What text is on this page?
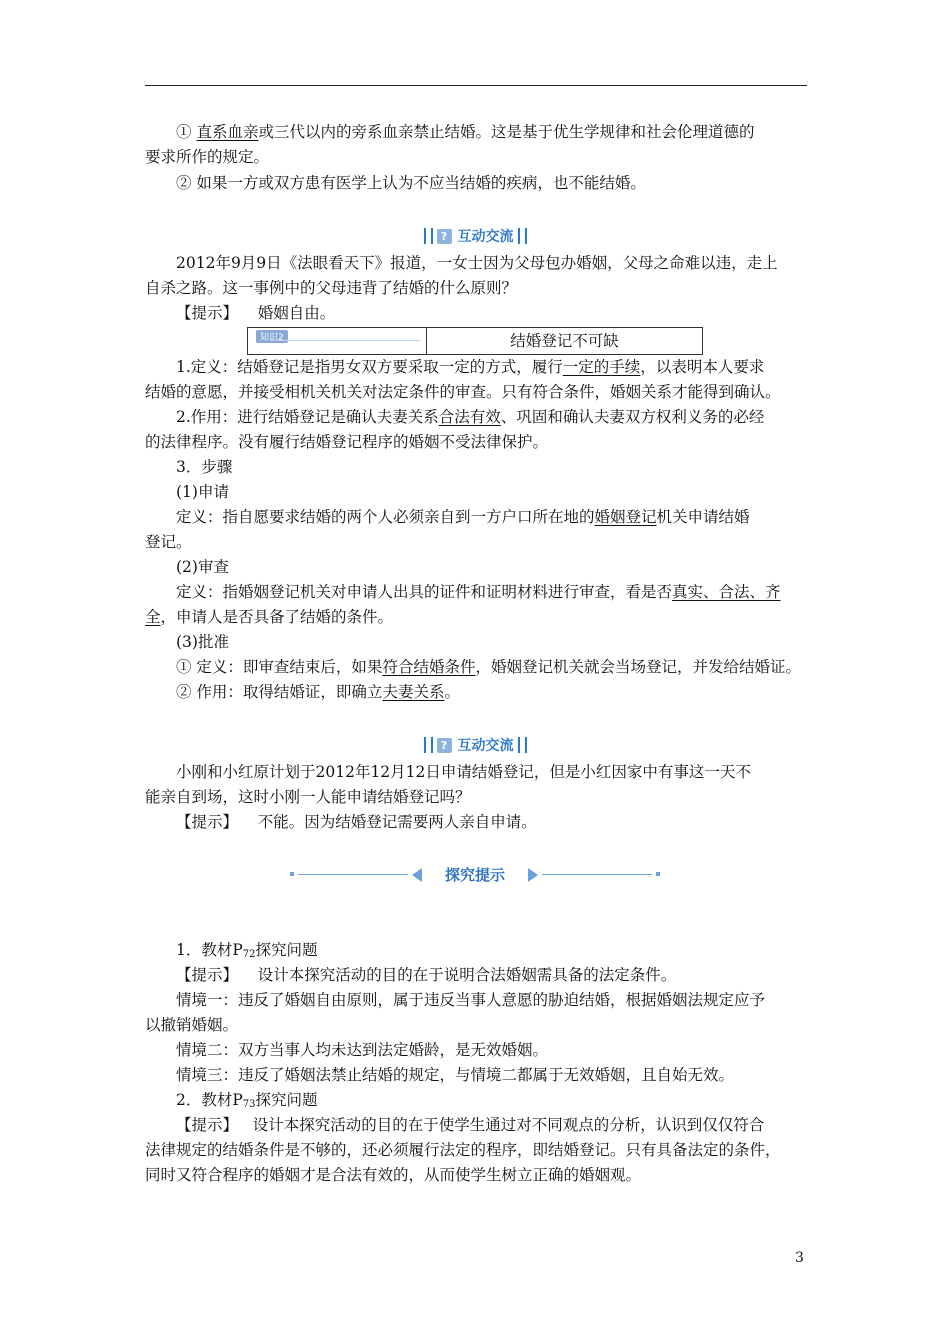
① 直系血亲或三代以内的旁系血亲禁止结婚。这是基于优生学规律和社会伦理道德的
要求所作的规定。
② 如果一方或双方患有医学上认为不应当结婚的疾病，也不能结婚。
? 互动交流
2012年9月9日《法眼看天下》报道，一女士因为父母包办婚姻，父母之命难以违，走上
自杀之路。这一事例中的父母违背了结婚的什么原则？
【提示】 婚姻自由。
知识2	结婚登记不可缺
1.定义：结婚登记是指男女双方要采取一定的方式，履行一定的手续，以表明本人要求
结婚的意愿，并接受相机关机关对法定条件的审查。只有符合条件，婚姻关系才能得到确认。
2.作用：进行结婚登记是确认夫妻关系合法有效、巩固和确认夫妻双方权利义务的必经
的法律程序。没有履行结婚登记程序的婚姻不受法律保护。
3．步骤
(1)申请
定义：指自愿要求结婚的两个人必须亲自到一方户口所在地的婚姻登记机关申请结婚
登记。
(2)审查
定义：指婚姻登记机关对申请人出具的证件和证明材料进行审查，看是否真实、合法、齐
全，申请人是否具备了结婚的条件。
(3)批准
① 定义：即审查结束后，如果符合结婚条件，婚姻登记机关就会当场登记，并发给结婚证。
② 作用：取得结婚证，即确立夫妻关系。
? 互动交流
小刚和小红原计划于2012年12月12日申请结婚登记，但是小红因家中有事这一天不
能亲自到场，这时小刚一人能申请结婚登记吗？
【提示】 不能。因为结婚登记需要两人亲自申请。
探究提示
1．教材$P_{72}$探究问题
【提示】 设计本探究活动的目的在于说明合法婚姻需具备的法定条件。
情境一：违反了婚姻自由原则，属于违反当事人意愿的胁迫结婚，根据婚姻法规定应予
以撤销婚姻。
情境二：双方当事人均未达到法定婚龄，是无效婚姻。
情境三：违反了婚姻法禁止结婚的规定，与情境二都属于无效婚姻，且自始无效。
2．教材$P_{73}$探究问题
【提示】 设计本探究活动的目的在于使学生通过对不同观点的分析，认识到仅仅符合
法律规定的结婚条件是不够的，还必须履行法定的程序，即结婚登记。只有具备法定的条件，
同时又符合程序的婚姻才是合法有效的，从而使学生树立正确的婚姻观。
3
